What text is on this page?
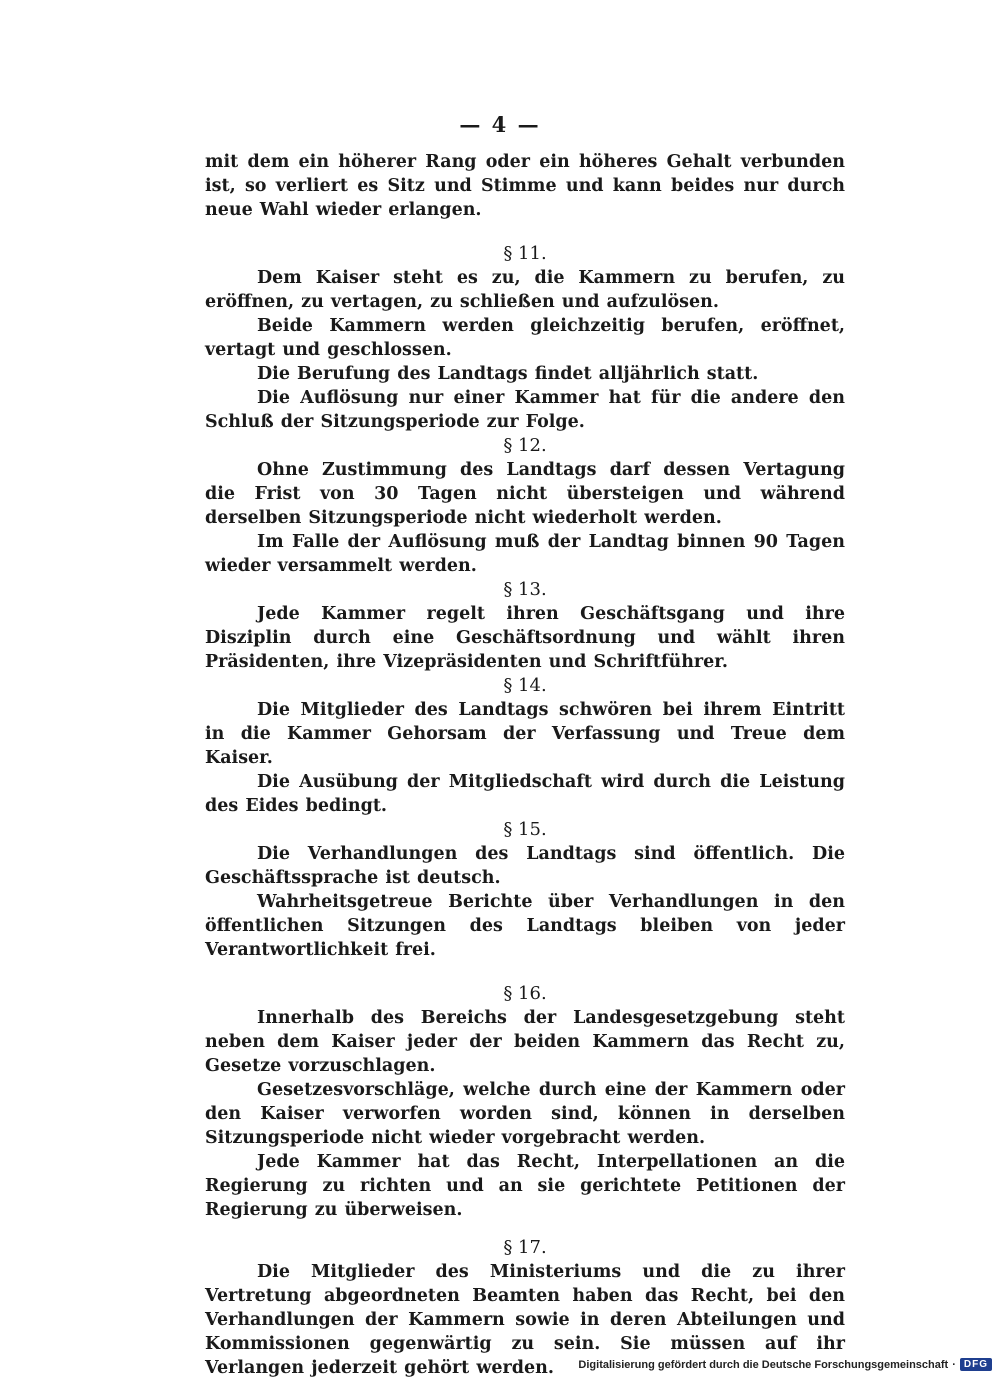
— 4 —

mit dem ein höherer Rang oder ein höheres Gehalt verbunden ist, so verliert es Sitz und Stimme und kann beides nur durch neue Wahl wieder erlangen.

§ 11.

Dem Kaiser steht es zu, die Kammern zu berufen, zu eröffnen, zu vertagen, zu schließen und aufzulösen.

Beide Kammern werden gleichzeitig berufen, eröffnet, vertagt und geschlossen.

Die Berufung des Landtags findet alljährlich statt.

Die Auflösung nur einer Kammer hat für die andere den Schluß der Sitzungsperiode zur Folge.

§ 12.

Ohne Zustimmung des Landtags darf dessen Vertagung die Frist von 30 Tagen nicht übersteigen und während derselben Sitzungsperiode nicht wiederholt werden.

Im Falle der Auflösung muß der Landtag binnen 90 Tagen wieder versammelt werden.

§ 13.

Jede Kammer regelt ihren Geschäftsgang und ihre Disziplin durch eine Geschäftsordnung und wählt ihren Präsidenten, ihre Vizepräsidenten und Schriftführer.

§ 14.

Die Mitglieder des Landtags schwören bei ihrem Eintritt in die Kammer Gehorsam der Verfassung und Treue dem Kaiser.

Die Ausübung der Mitgliedschaft wird durch die Leistung des Eides bedingt.

§ 15.

Die Verhandlungen des Landtags sind öffentlich. Die Geschäftssprache ist deutsch.

Wahrheitsgetreue Berichte über Verhandlungen in den öffentlichen Sitzungen des Landtags bleiben von jeder Verantwortlichkeit frei.

§ 16.

Innerhalb des Bereichs der Landesgesetzgebung steht neben dem Kaiser jeder der beiden Kammern das Recht zu, Gesetze vorzuschlagen.

Gesetzesvorschläge, welche durch eine der Kammern oder den Kaiser verworfen worden sind, können in derselben Sitzungsperiode nicht wieder vorgebracht werden.

Jede Kammer hat das Recht, Interpellationen an die Regierung zu richten und an sie gerichtete Petitionen der Regierung zu überweisen.

§ 17.

Die Mitglieder des Ministeriums und die zu ihrer Vertretung abgeordneten Beamten haben das Recht, bei den Verhandlungen der Kammern sowie in deren Abteilungen und Kommissionen gegenwärtig zu sein. Sie müssen auf ihr Verlangen jederzeit gehört werden.	Digitalisierung gefördert durch die Deutsche Forschungsgemeinschaft · DFG
